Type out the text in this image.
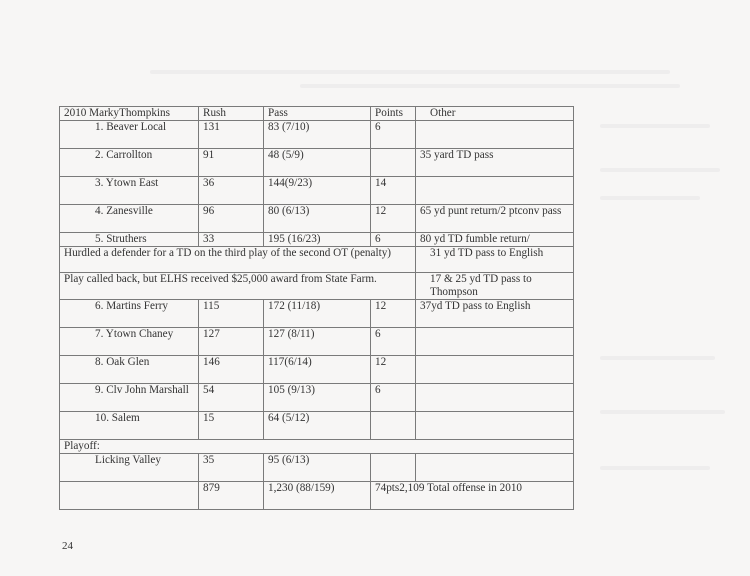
2010 MarkyThompkins	Rush	Pass	Points	Other
1. Beaver Local	131	83 (7/10)	6	
2. Carrollton	91	48 (5/9)		35 yard TD pass
3. Ytown East	36	144(9/23)	14	
4. Zanesville	96	80 (6/13)	12	65 yd punt return/2 ptconv pass
5. Struthers	33	195 (16/23)	6	80 yd TD fumble return/
Hurdled a defender for a TD on the third play of the second OT (penalty)				31 yd TD pass to English
Play called back, but ELHS received $25,000 award from State Farm.				17 & 25 yd TD pass to Thompson
6. Martins Ferry	115	172 (11/18)	12	37yd TD pass to English
7. Ytown Chaney	127	127 (8/11)	6	
8. Oak Glen	146	117(6/14)	12	
9. Clv John Marshall	54	105 (9/13)	6	
10. Salem	15	64 (5/12)		
Playoff:				
Licking Valley	35	95 (6/13)		
	879	1,230 (88/159)	74pts2,109 Total offense in 2010	
24
